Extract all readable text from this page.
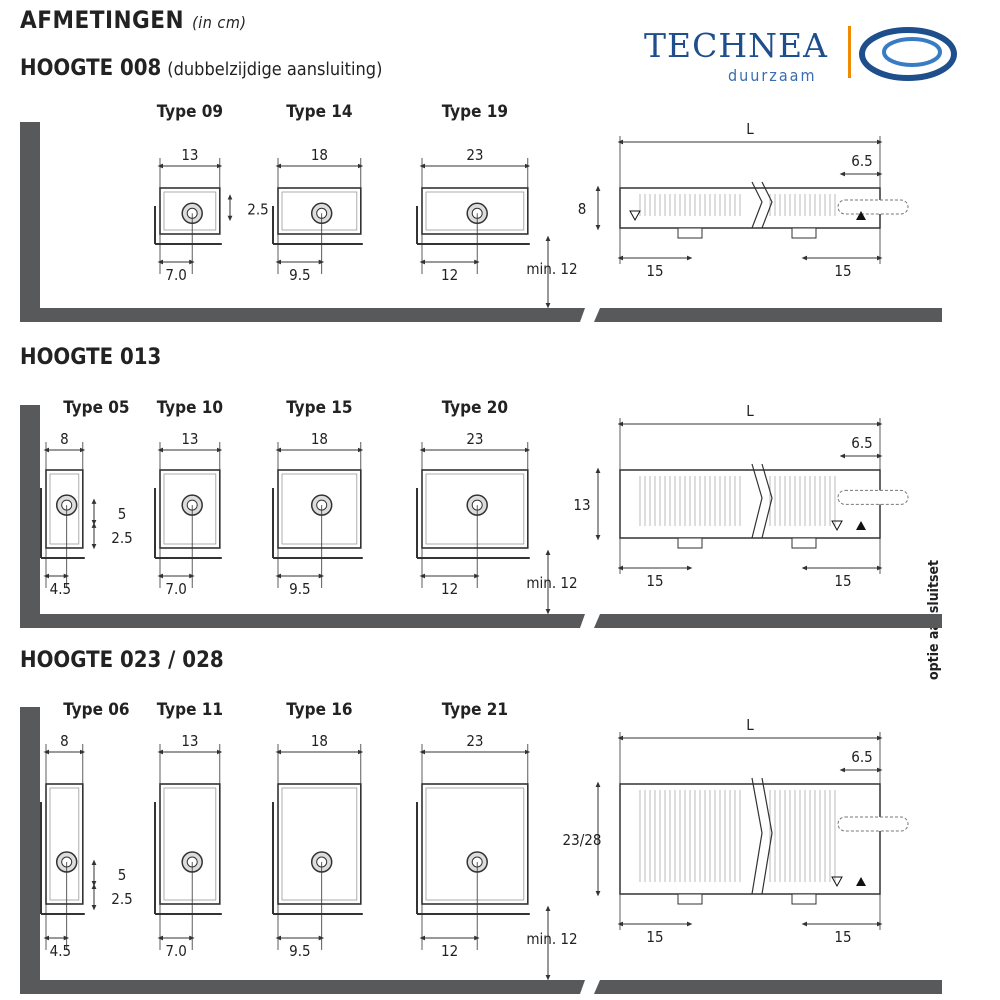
AFMETINGEN (in cm)
HOOGTE 008 (dubbelzijdige aansluiting)
HOOGTE 013
HOOGTE 023 / 028
TECHNEA
duurzaam
Type 09
13
7.0
Type 14
18
9.5
Type 19
23
12
2.5
min. 12
L
8
6.5
15	15
Type 05
8
4.5
Type 10
13
7.0
Type 15
18
9.5
Type 20
23
12
5
2.5
min. 12
L
13
6.5
15	15
Type 06
8
4.5
Type 11
13
7.0
Type 16
18
9.5
Type 21
23
12
5
2.5
min. 12
L
23/28
6.5
15	15
